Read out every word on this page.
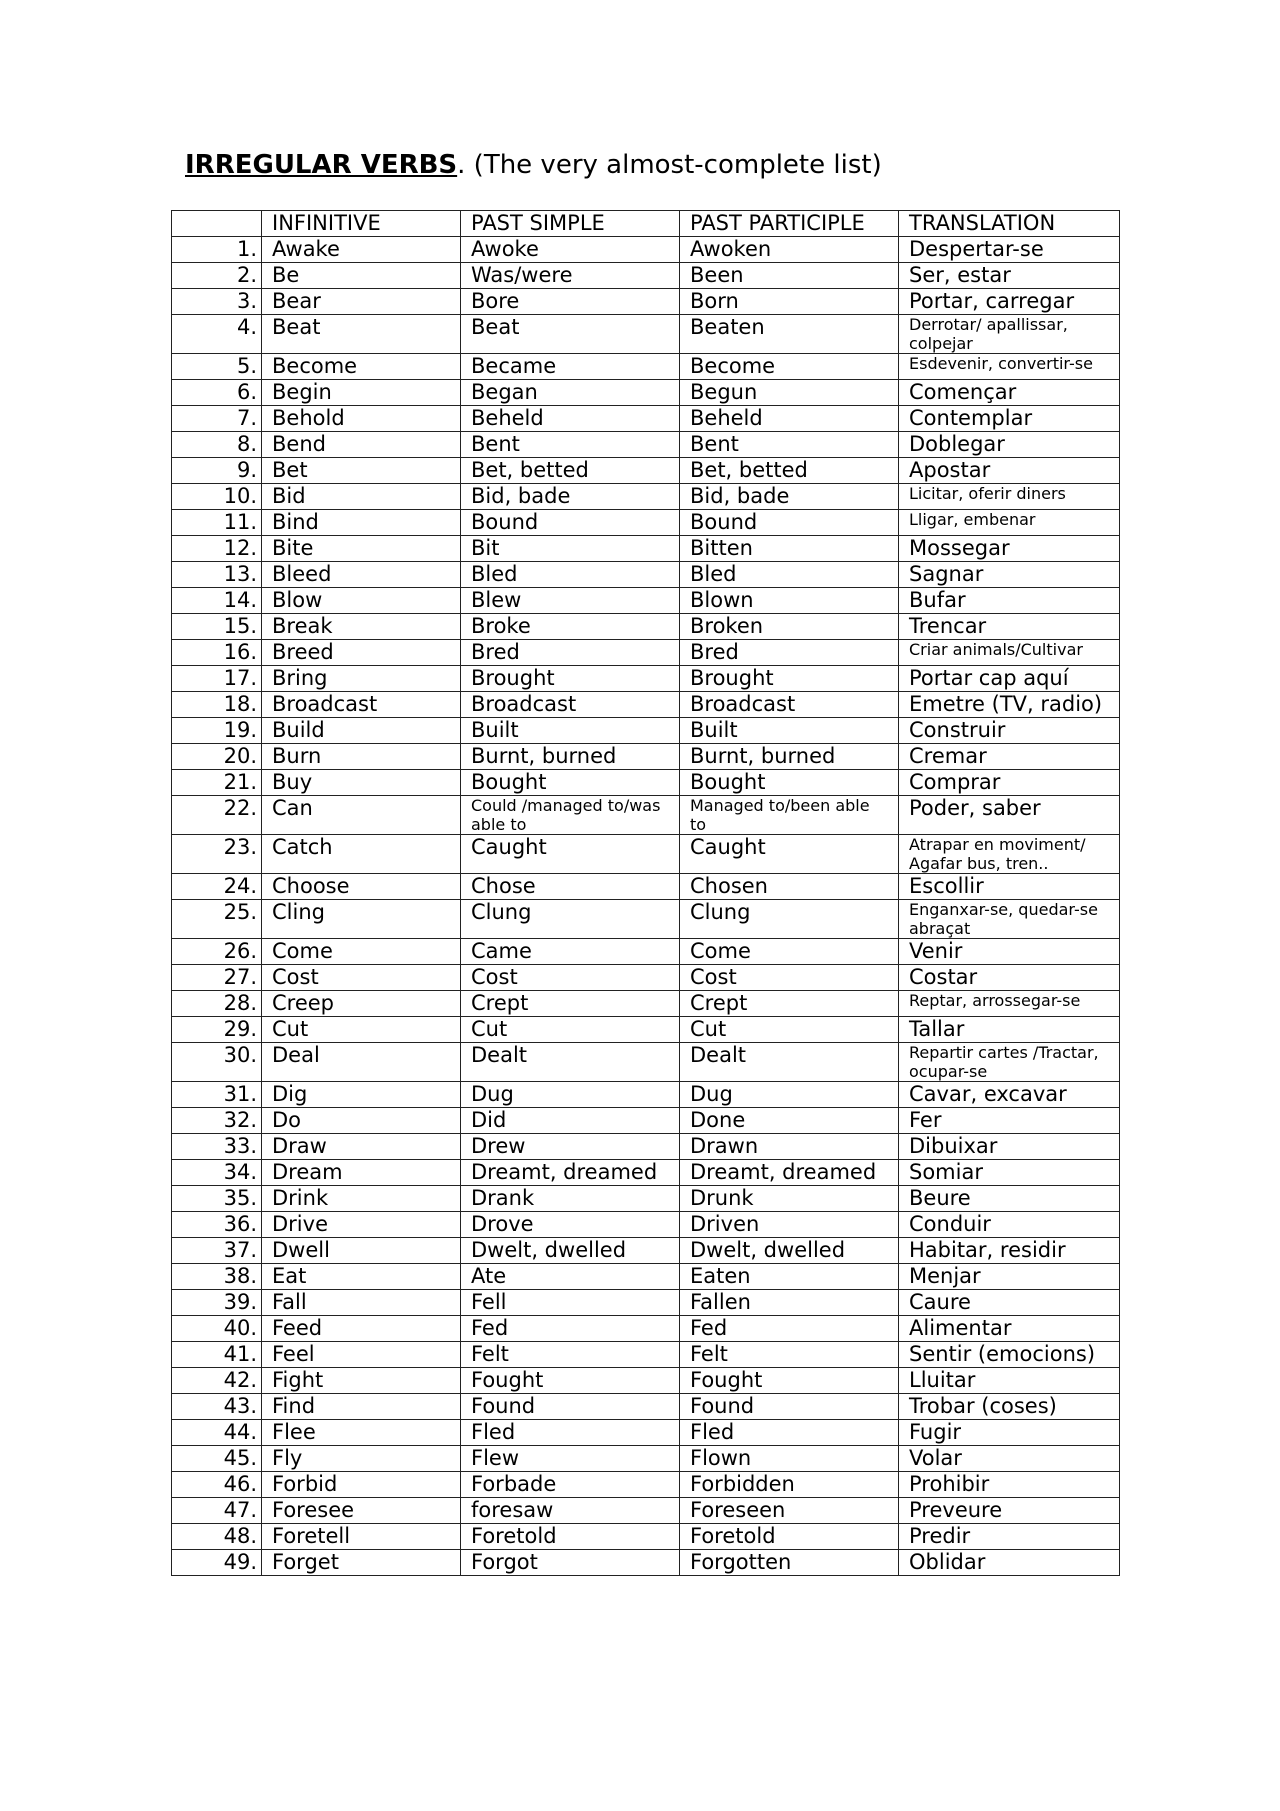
IRREGULAR VERBS. (The very almost-complete list)
	INFINITIVE	PAST SIMPLE	PAST PARTICIPLE	TRANSLATION
1.	Awake	Awoke	Awoken	Despertar-se
2.	Be	Was/were	Been	Ser, estar
3.	Bear	Bore	Born	Portar, carregar
4.	Beat	Beat	Beaten	Derrotar/ apallissar, colpejar
5.	Become	Became	Become	Esdevenir, convertir-se
6.	Begin	Began	Begun	Començar
7.	Behold	Beheld	Beheld	Contemplar
8.	Bend	Bent	Bent	Doblegar
9.	Bet	Bet, betted	Bet, betted	Apostar
10.	Bid	Bid, bade	Bid, bade	Licitar, oferir diners
11.	Bind	Bound	Bound	Lligar, embenar
12.	Bite	Bit	Bitten	Mossegar
13.	Bleed	Bled	Bled	Sagnar
14.	Blow	Blew	Blown	Bufar
15.	Break	Broke	Broken	Trencar
16.	Breed	Bred	Bred	Criar animals/Cultivar
17.	Bring	Brought	Brought	Portar cap aquí
18.	Broadcast	Broadcast	Broadcast	Emetre (TV, radio)
19.	Build	Built	Built	Construir
20.	Burn	Burnt, burned	Burnt, burned	Cremar
21.	Buy	Bought	Bought	Comprar
22.	Can	Could /managed to/was able to	Managed to/been able to	Poder, saber
23.	Catch	Caught	Caught	Atrapar en moviment/ Agafar bus, tren..
24.	Choose	Chose	Chosen	Escollir
25.	Cling	Clung	Clung	Enganxar-se, quedar-se abraçat
26.	Come	Came	Come	Venir
27.	Cost	Cost	Cost	Costar
28.	Creep	Crept	Crept	Reptar, arrossegar-se
29.	Cut	Cut	Cut	Tallar
30.	Deal	Dealt	Dealt	Repartir cartes /Tractar, ocupar-se
31.	Dig	Dug	Dug	Cavar, excavar
32.	Do	Did	Done	Fer
33.	Draw	Drew	Drawn	Dibuixar
34.	Dream	Dreamt, dreamed	Dreamt, dreamed	Somiar
35.	Drink	Drank	Drunk	Beure
36.	Drive	Drove	Driven	Conduir
37.	Dwell	Dwelt, dwelled	Dwelt, dwelled	Habitar, residir
38.	Eat	Ate	Eaten	Menjar
39.	Fall	Fell	Fallen	Caure
40.	Feed	Fed	Fed	Alimentar
41.	Feel	Felt	Felt	Sentir (emocions)
42.	Fight	Fought	Fought	Lluitar
43.	Find	Found	Found	Trobar (coses)
44.	Flee	Fled	Fled	Fugir
45.	Fly	Flew	Flown	Volar
46.	Forbid	Forbade	Forbidden	Prohibir
47.	Foresee	foresaw	Foreseen	Preveure
48.	Foretell	Foretold	Foretold	Predir
49.	Forget	Forgot	Forgotten	Oblidar
